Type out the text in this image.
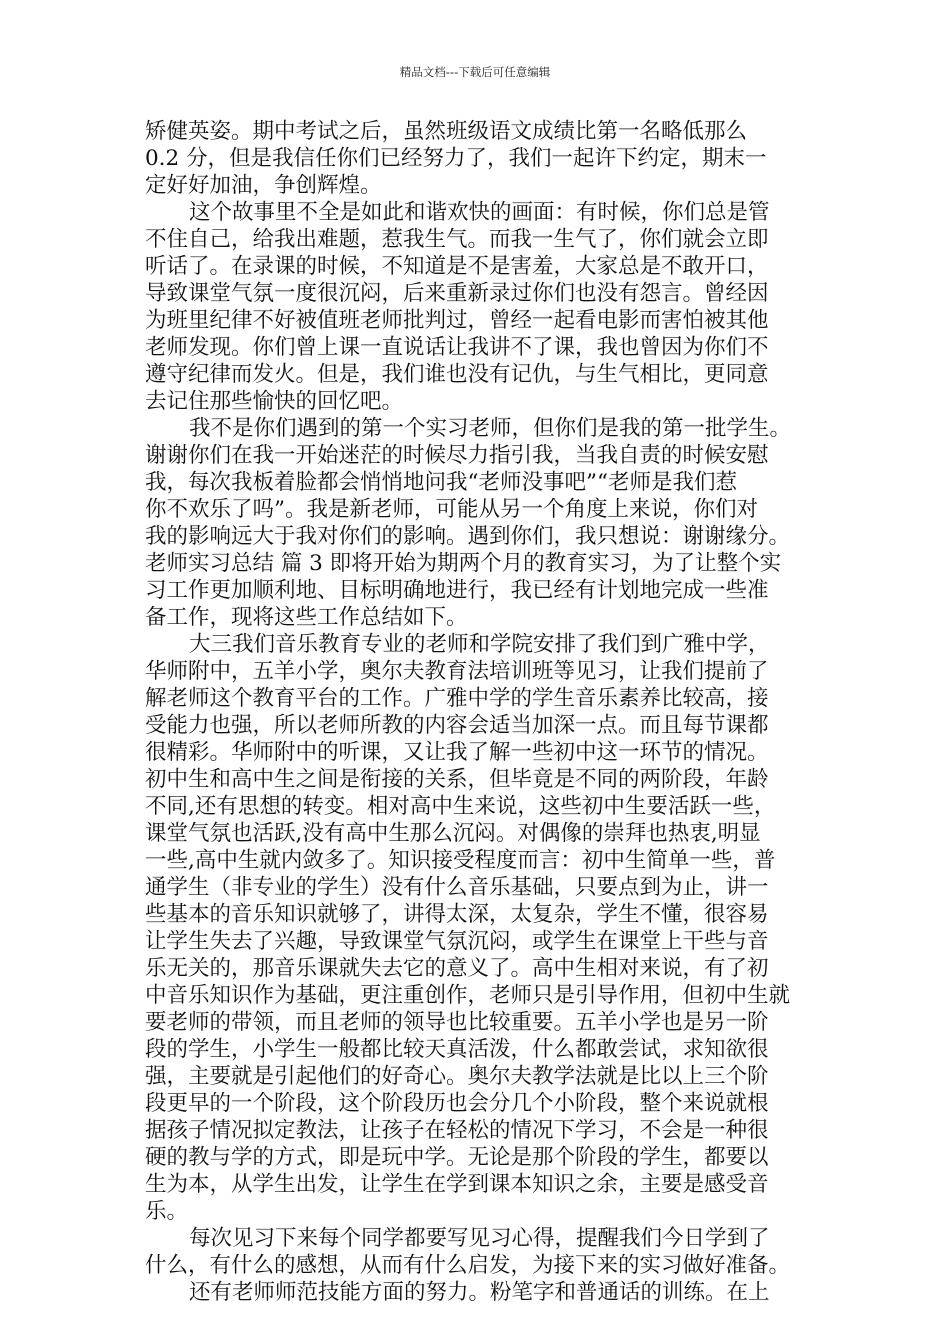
精品文档---下载后可任意编辑
矫健英姿。期中考试之后，虽然班级语文成绩比第一名略低那么
0.2 分，但是我信任你们已经努力了，我们一起许下约定，期末一
定好好加油，争创辉煌。
这个故事里不全是如此和谐欢快的画面：有时候，你们总是管
不住自己，给我出难题，惹我生气。而我一生气了，你们就会立即
听话了。在录课的时候，不知道是不是害羞，大家总是不敢开口，
导致课堂气氛一度很沉闷，后来重新录过你们也没有怨言。曾经因
为班里纪律不好被值班老师批判过，曾经一起看电影而害怕被其他
老师发现。你们曾上课一直说话让我讲不了课，我也曾因为你们不
遵守纪律而发火。但是，我们谁也没有记仇，与生气相比，更同意
去记住那些愉快的回忆吧。
我不是你们遇到的第一个实习老师，但你们是我的第一批学生。
谢谢你们在我一开始迷茫的时候尽力指引我，当我自责的时候安慰
我，每次我板着脸都会悄悄地问我“老师没事吧”“老师是我们惹
你不欢乐了吗”。我是新老师，可能从另一个角度上来说，你们对
我的影响远大于我对你们的影响。遇到你们，我只想说：谢谢缘分。
老师实习总结 篇 3 即将开始为期两个月的教育实习，为了让整个实
习工作更加顺利地、目标明确地进行，我已经有计划地完成一些准
备工作，现将这些工作总结如下。
大三我们音乐教育专业的老师和学院安排了我们到广雅中学，
华师附中，五羊小学，奥尔夫教育法培训班等见习，让我们提前了
解老师这个教育平台的工作。广雅中学的学生音乐素养比较高，接
受能力也强，所以老师所教的内容会适当加深一点。而且每节课都
很精彩。华师附中的听课，又让我了解一些初中这一环节的情况。
初中生和高中生之间是衔接的关系，但毕竟是不同的两阶段，年龄
不同,还有思想的转变。相对高中生来说，这些初中生要活跃一些，
课堂气氛也活跃,没有高中生那么沉闷。对偶像的崇拜也热衷,明显
一些,高中生就内敛多了。知识接受程度而言：初中生简单一些，普
通学生（非专业的学生）没有什么音乐基础，只要点到为止，讲一
些基本的音乐知识就够了，讲得太深，太复杂，学生不懂，很容易
让学生失去了兴趣，导致课堂气氛沉闷，或学生在课堂上干些与音
乐无关的，那音乐课就失去它的意义了。高中生相对来说，有了初
中音乐知识作为基础，更注重创作，老师只是引导作用，但初中生就
要老师的带领，而且老师的领导也比较重要。五羊小学也是另一阶
段的学生，小学生一般都比较天真活泼，什么都敢尝试，求知欲很
强，主要就是引起他们的好奇心。奥尔夫教学法就是比以上三个阶
段更早的一个阶段，这个阶段历也会分几个小阶段，整个来说就根
据孩子情况拟定教法，让孩子在轻松的情况下学习，不会是一种很
硬的教与学的方式，即是玩中学。无论是那个阶段的学生，都要以
生为本，从学生出发，让学生在学到课本知识之余，主要是感受音
乐。
每次见习下来每个同学都要写见习心得，提醒我们今日学到了
什么，有什么的感想，从而有什么启发，为接下来的实习做好准备。
还有老师师范技能方面的努力。粉笔字和普通话的训练。在上
